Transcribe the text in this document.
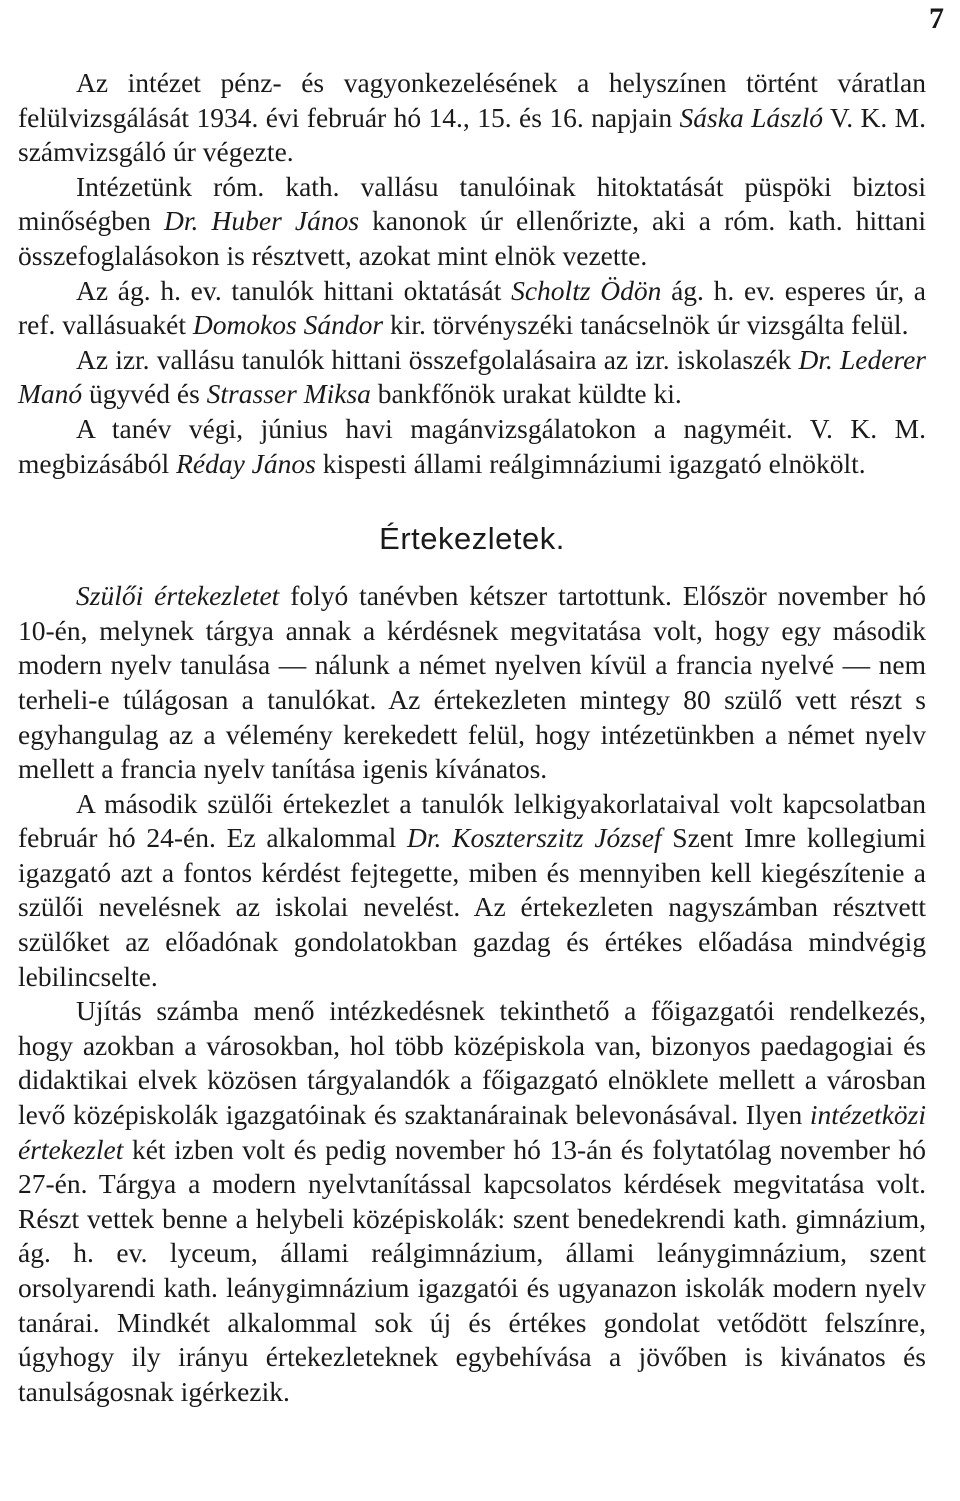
7

Az intézet pénz- és vagyonkezelésének a helyszínen történt váratlan felülvizsgálását 1934. évi február hó 14., 15. és 16. napjain Sáska László V. K. M. számvizsgáló úr végezte.

Intézetünk róm. kath. vallásu tanulóinak hitoktatását püspöki biztosi minőségben Dr. Huber János kanonok úr ellenőrizte, aki a róm. kath. hittani összefoglalásokon is résztvett, azokat mint elnök vezette.

Az ág. h. ev. tanulók hittani oktatását Scholtz Ödön ág. h. ev. esperes úr, a ref. vallásuakét Domokos Sándor kir. törvényszéki tanácselnök úr vizsgálta felül.

Az izr. vallásu tanulók hittani összefgolalásaira az izr. iskolaszék Dr. Lederer Manó ügyvéd és Strasser Miksa bankfőnök urakat küldte ki.

A tanév végi, június havi magánvizsgálatokon a nagyméit. V. K. M. megbizásából Réday János kispesti állami reálgimnáziumi igazgató elnökölt.

Értekezletek.

Szülői értekezletet folyó tanévben kétszer tartottunk. Először november hó 10-én, melynek tárgya annak a kérdésnek megvitatása volt, hogy egy második modern nyelv tanulása — nálunk a német nyelven kívül a francia nyelvé — nem terheli-e túlágosan a tanulókat. Az értekezleten mintegy 80 szülő vett részt s egyhangulag az a vélemény kerekedett felül, hogy intézetünkben a német nyelv mellett a francia nyelv tanítása igenis kívánatos.

A második szülői értekezlet a tanulók lelkigyakorlataival volt kapcsolatban február hó 24-én. Ez alkalommal Dr. Koszterszitz József Szent Imre kollegiumi igazgató azt a fontos kérdést fejtegette, miben és mennyiben kell kiegészítenie a szülői nevelésnek az iskolai nevelést. Az értekezleten nagyszámban résztvett szülőket az előadónak gondolatokban gazdag és értékes előadása mindvégig lebilincselte.

Ujítás számba menő intézkedésnek tekinthető a főigazgatói rendelkezés, hogy azokban a városokban, hol több középiskola van, bizonyos paedagogiai és didaktikai elvek közösen tárgyalandók a főigazgató elnöklete mellett a városban levő középiskolák igazgatóinak és szaktanárainak belevonásával. Ilyen intézetközi értekezlet két izben volt és pedig november hó 13-án és folytatólag november hó 27-én. Tárgya a modern nyelvtanítással kapcsolatos kérdések megvitatása volt. Részt vettek benne a helybeli középiskolák: szent benedekrendi kath. gimnázium, ág. h. ev. lyceum, állami reálgimnázium, állami leánygimnázium, szent orsolyarendi kath. leánygimnázium igazgatói és ugyanazon iskolák modern nyelv tanárai. Mindkét alkalommal sok új és értékes gondolat vetődött felszínre, úgyhogy ily irányu értekezleteknek egybehívása a jövőben is kivánatos és tanulságosnak igérkezik.
